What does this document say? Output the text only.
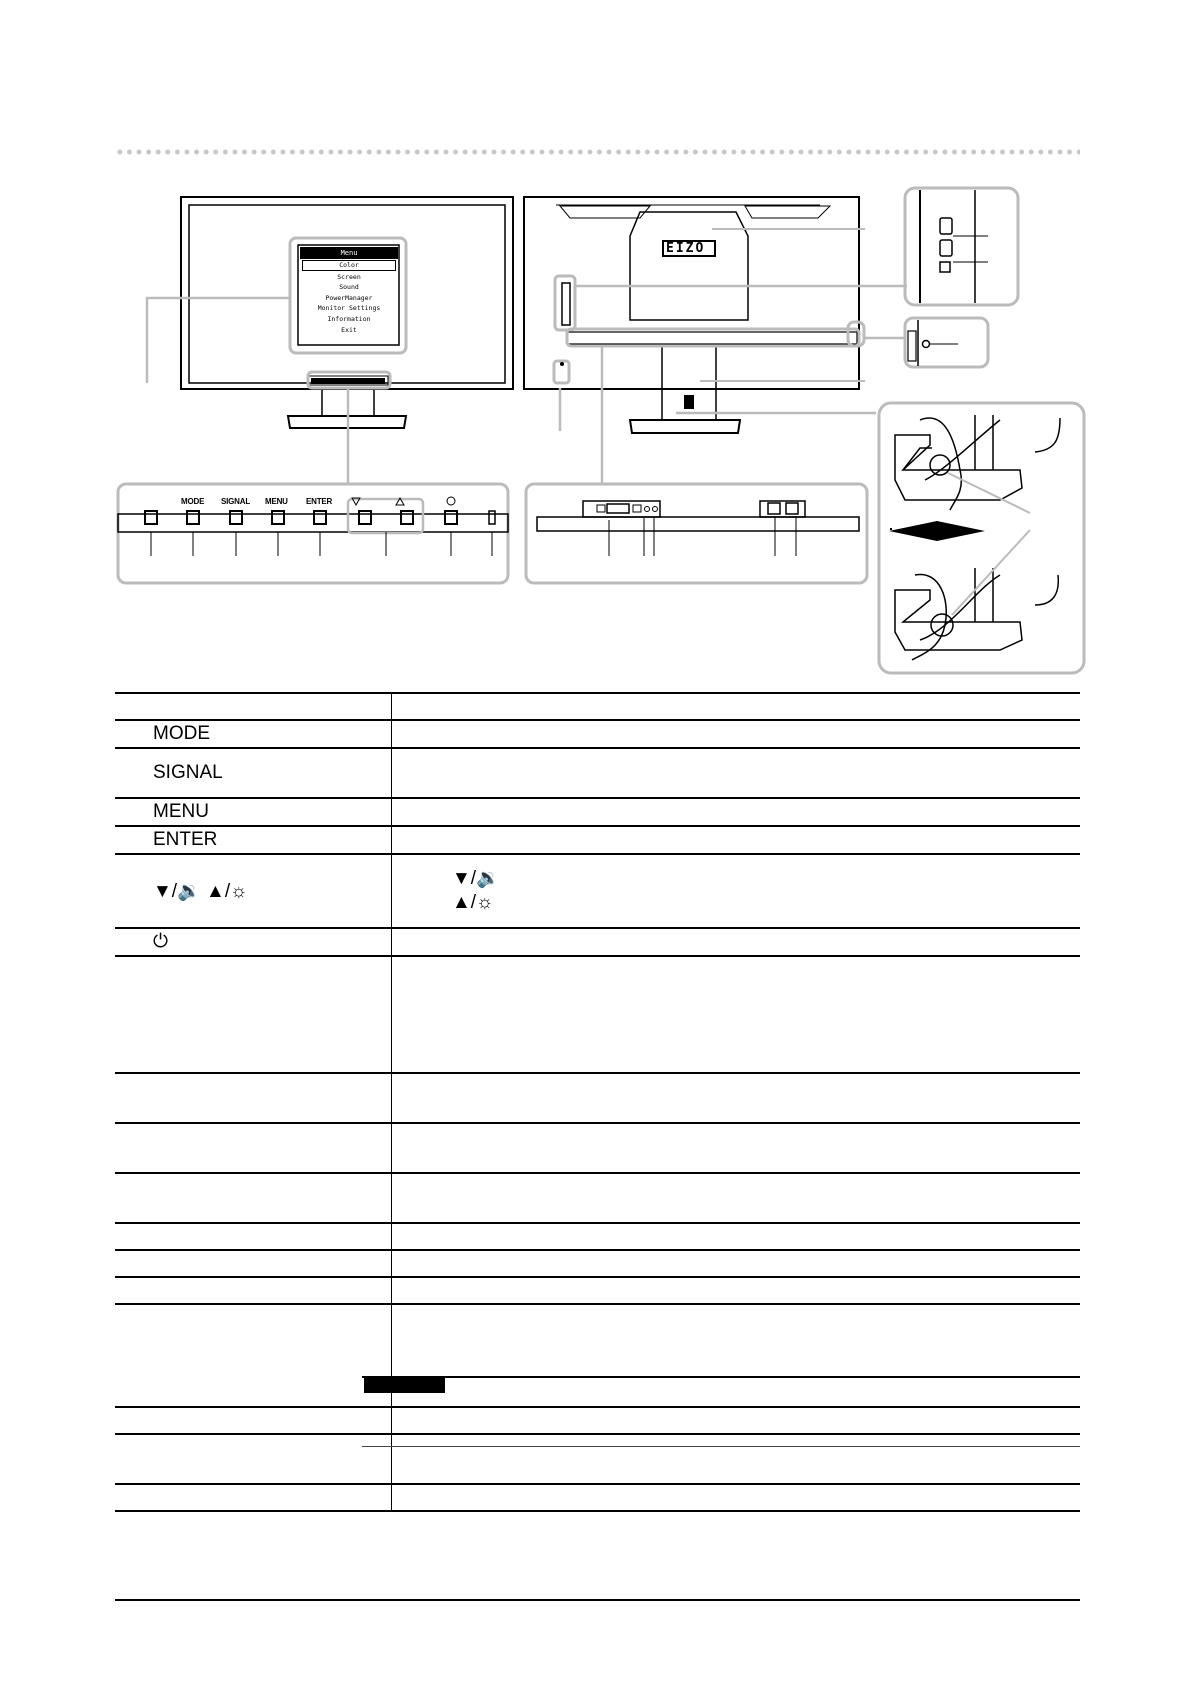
Menu
Color
Screen
Sound
PowerManager
Monitor Settings
Information
Exit
EIZO
MODE SIGNAL MENU ENTER

MODE	
SIGNAL	
MENU	
ENTER	
▼/🔉 ▲/☼	▼/🔉
▲/☼

⏻	
